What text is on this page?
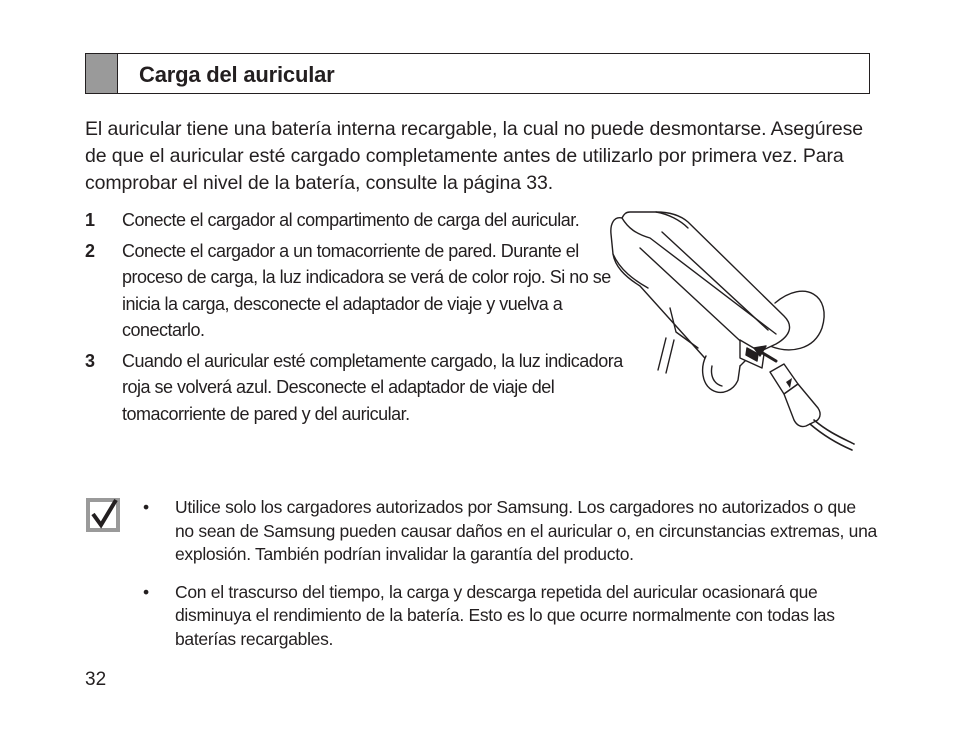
Carga del auricular

El auricular tiene una batería interna recargable, la cual no puede desmontarse. Asegúrese de que el auricular esté cargado completamente antes de utilizarlo por primera vez. Para comprobar el nivel de la batería, consulte la página 33.

1 Conecte el cargador al compartimento de carga del auricular.
2 Conecte el cargador a un tomacorriente de pared. Durante el proceso de carga, la luz indicadora se verá de color rojo. Si no se inicia la carga, desconecte el adaptador de viaje y vuelva a conectarlo.
3 Cuando el auricular esté completamente cargado, la luz indicadora roja se volverá azul. Desconecte el adaptador de viaje del tomacorriente de pared y del auricular.
• Utilice solo los cargadores autorizados por Samsung. Los cargadores no autorizados o que no sean de Samsung pueden causar daños en el auricular o, en circunstancias extremas, una explosión. También podrían invalidar la garantía del producto.
• Con el trascurso del tiempo, la carga y descarga repetida del auricular ocasionará que disminuya el rendimiento de la batería. Esto es lo que ocurre normalmente con todas las baterías recargables.
32
